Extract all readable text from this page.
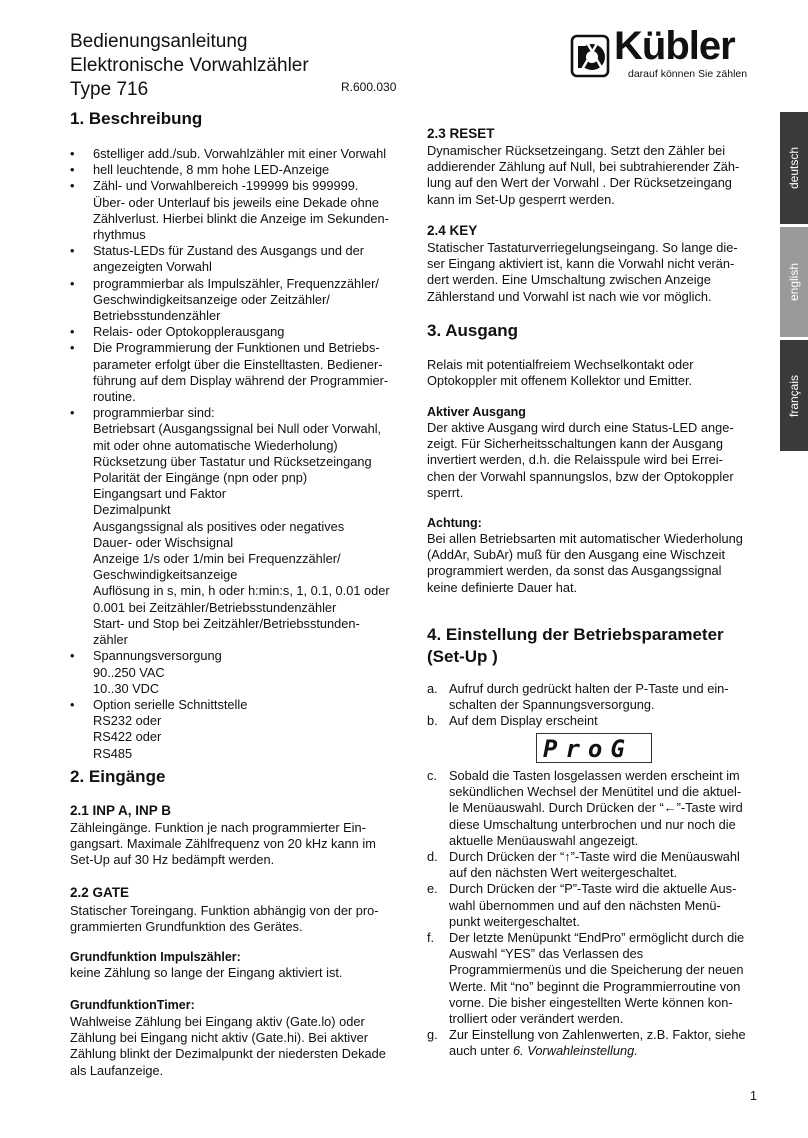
Bedienungsanleitung
Elektronische Vorwahlzähler
Type 716	R.600.030
Kübler
darauf können Sie zählen
deutsch
english
français
1. Beschreibung
• 6stelliger add./sub. Vorwahlzähler mit einer Vorwahl
• hell leuchtende, 8 mm hohe LED-Anzeige
• Zähl- und Vorwahlbereich -199999 bis 999999.
Über- oder Unterlauf bis jeweils eine Dekade ohne
Zählverlust. Hierbei blinkt die Anzeige im Sekunden-
rhythmus
• Status-LEDs für Zustand des Ausgangs und der
angezeigten Vorwahl
• programmierbar als Impulszähler, Frequenzzähler/
Geschwindigkeitsanzeige oder Zeitzähler/
Betriebsstundenzähler
• Relais- oder Optokopplerausgang
• Die Programmierung der Funktionen und Betriebs-
parameter erfolgt über die Einstelltasten. Bediener-
führung auf dem Display während der Programmier-
routine.
• programmierbar sind:
Betriebsart (Ausgangssignal bei Null oder Vorwahl,
mit oder ohne automatische Wiederholung)
Rücksetzung über Tastatur und Rücksetzeingang
Polarität der Eingänge (npn oder pnp)
Eingangsart und Faktor
Dezimalpunkt
Ausgangssignal als positives oder negatives
Dauer- oder Wischsignal
Anzeige 1/s oder 1/min bei Frequenzzähler/
Geschwindigkeitsanzeige
Auflösung in s, min, h oder h:min:s, 1, 0.1, 0.01 oder
0.001 bei Zeitzähler/Betriebsstundenzähler
Start- und Stop bei Zeitzähler/Betriebsstunden-
zähler
• Spannungsversorgung
90..250 VAC
10..30 VDC
• Option serielle Schnittstelle
RS232 oder
RS422 oder
RS485
2. Eingänge
2.1 INP A, INP B
Zähleingänge. Funktion je nach programmierter Ein-
gangsart. Maximale Zählfrequenz von 20 kHz kann im
Set-Up auf 30 Hz bedämpft werden.
2.2 GATE
Statischer Toreingang. Funktion abhängig von der pro-
grammierten Grundfunktion des Gerätes.
Grundfunktion Impulszähler:
keine Zählung so lange der Eingang aktiviert ist.
GrundfunktionTimer:
Wahlweise Zählung bei Eingang aktiv (Gate.lo) oder
Zählung bei Eingang nicht aktiv (Gate.hi). Bei aktiver
Zählung blinkt der Dezimalpunkt der niedersten Dekade
als Laufanzeige.
2.3 RESET
Dynamischer Rücksetzeingang. Setzt den Zähler bei
addierender Zählung auf Null, bei subtrahierender Zäh-
lung auf den Wert der Vorwahl . Der Rücksetzeingang
kann im Set-Up gesperrt werden.
2.4 KEY
Statischer Tastaturverriegelungseingang. So lange die-
ser Eingang aktiviert ist, kann die Vorwahl nicht verän-
dert werden. Eine Umschaltung zwischen Anzeige
Zählerstand und Vorwahl ist nach wie vor möglich.
3. Ausgang
Relais mit potentialfreiem Wechselkontakt oder
Optokoppler mit offenem Kollektor und Emitter.
Aktiver Ausgang
Der aktive Ausgang wird durch eine Status-LED ange-
zeigt. Für Sicherheitsschaltungen kann der Ausgang
invertiert werden, d.h. die Relaisspule wird bei Errei-
chen der Vorwahl spannungslos, bzw der Optokoppler
sperrt.
Achtung:
Bei allen Betriebsarten mit automatischer Wiederholung
(AddAr, SubAr) muß für den Ausgang eine Wischzeit
programmiert werden, da sonst das Ausgangssignal
keine definierte Dauer hat.
4. Einstellung der Betriebsparameter
(Set-Up )
a. Aufruf durch gedrückt halten der P-Taste und ein-
schalten der Spannungsversorgung.
b. Auf dem Display erscheint
ProG
c. Sobald die Tasten losgelassen werden erscheint im
sekündlichen Wechsel der Menütitel und die aktuel-
le Menüauswahl. Durch Drücken der “←”-Taste wird
diese Umschaltung unterbrochen und nur noch die
aktuelle Menüauswahl angezeigt.
d. Durch Drücken der “↑”-Taste wird die Menüauswahl
auf den nächsten Wert weitergeschaltet.
e. Durch Drücken der “P”-Taste wird die aktuelle Aus-
wahl übernommen und auf den nächsten Menü-
punkt weitergeschaltet.
f. Der letzte Menüpunkt “EndPro” ermöglicht durch die
Auswahl “YES” das Verlassen des
Programmiermenüs und die Speicherung der neuen
Werte. Mit “no” beginnt die Programmierroutine von
vorne. Die bisher eingestellten Werte können kon-
trolliert oder verändert werden.
g. Zur Einstellung von Zahlenwerten, z.B. Faktor, siehe
auch unter 6. Vorwahleinstellung.
1
